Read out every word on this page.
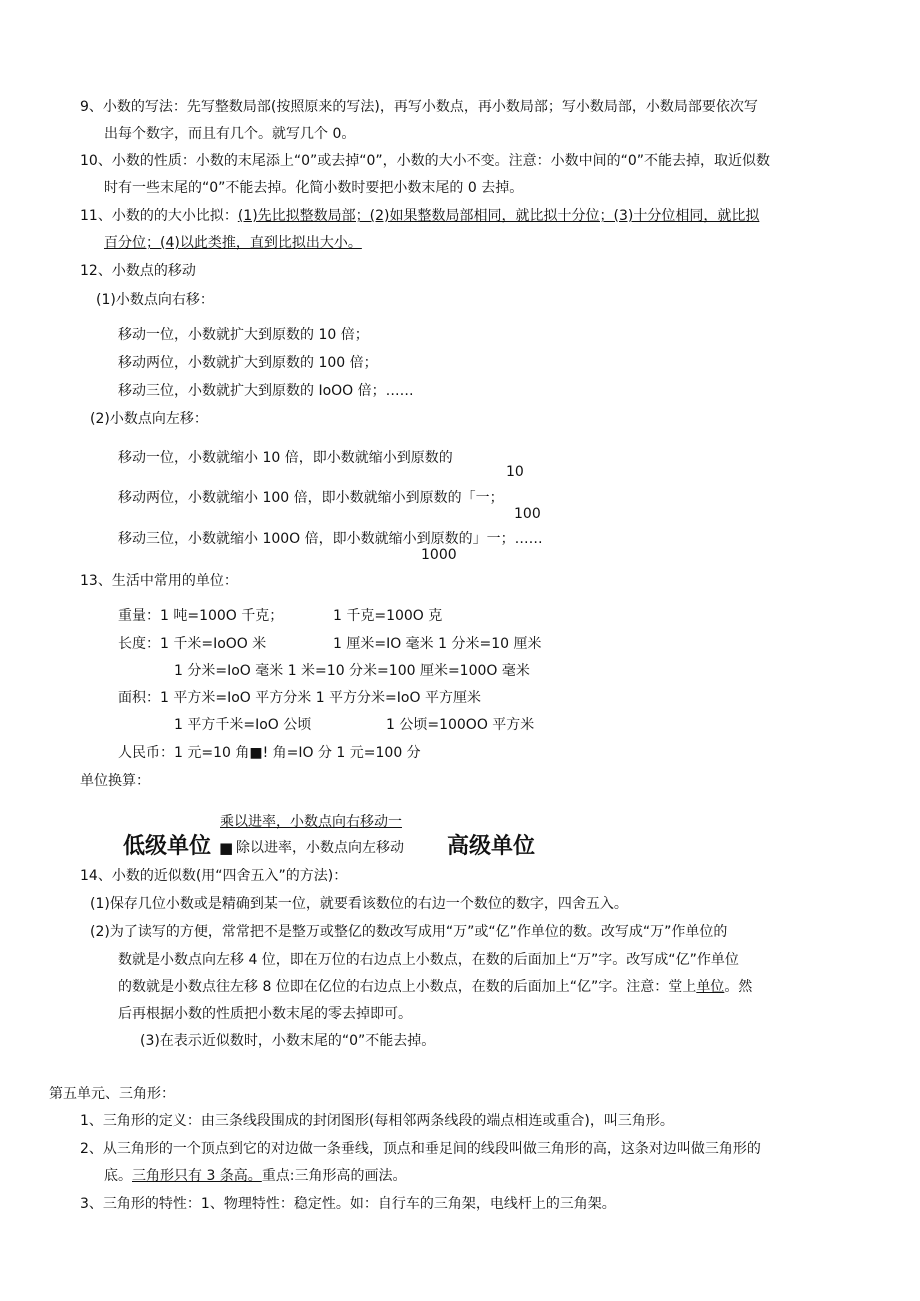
9、小数的写法：先写整数局部(按照原来的写法)，再写小数点，再小数局部；写小数局部，小数局部要依次写
出每个数字，而且有几个。就写几个 0。
10、小数的性质：小数的末尾添上“0”或去掉“0”，小数的大小不变。注意：小数中间的“0”不能去掉，取近似数
时有一些末尾的“0”不能去掉。化简小数时要把小数末尾的 0 去掉。
11、小数的的大小比拟：(1)先比拟整数局部；(2)如果整数局部相同，就比拟十分位；(3)十分位相同，就比拟
百分位；(4)以此类推，直到比拟出大小。
12、小数点的移动
(1)小数点向右移：
移动一位，小数就扩大到原数的 10 倍；
移动两位，小数就扩大到原数的 100 倍；
移动三位，小数就扩大到原数的 IoOO 倍；……
(2)小数点向左移：
移动一位，小数就缩小 10 倍，即小数就缩小到原数的
10
移动两位，小数就缩小 100 倍，即小数就缩小到原数的「一；
100
移动三位，小数就缩小 100O 倍，即小数就缩小到原数的」一；……
1000
13、生活中常用的单位：
重量：1 吨=100O 千克；	1 千克=100O 克
长度：1 千米=IoOO 米	1 厘米=IO 毫米 1 分米=10 厘米
1 分米=IoO 毫米 1 米=10 分米=100 厘米=100O 毫米
面积：1 平方米=IoO 平方分米 1 平方分米=IoO 平方厘米
1 平方千米=IoO 公顷	1 公顷=100OO 平方米
人民币：1 元=10 角■! 角=IO 分 1 元=100 分
单位换算：
乘以进率，小数点向右移动一
低级单位 ■ 除以进率，小数点向左移动 高级单位
14、小数的近似数(用“四舍五入”的方法)：
(1)保存几位小数或是精确到某一位，就要看该数位的右边一个数位的数字，四舍五入。
(2)为了读写的方便，常常把不是整万或整亿的数改写成用“万”或“亿”作单位的数。改写成“万”作单位的
数就是小数点向左移 4 位，即在万位的右边点上小数点，在数的后面加上“万”字。改写成“亿”作单位
的数就是小数点往左移 8 位即在亿位的右边点上小数点，在数的后面加上“亿”字。注意：堂上单位。然
后再根据小数的性质把小数末尾的零去掉即可。
(3)在表示近似数时，小数末尾的“0”不能去掉。
第五单元、三角形：
1、三角形的定义：由三条线段围成的封闭图形(每相邻两条线段的端点相连或重合)，叫三角形。
2、从三角形的一个顶点到它的对边做一条垂线，顶点和垂足间的线段叫做三角形的高，这条对边叫做三角形的
底。三角形只有 3 条高。重点:三角形高的画法。
3、三角形的特性：1、物理特性：稳定性。如：自行车的三角架，电线杆上的三角架。
